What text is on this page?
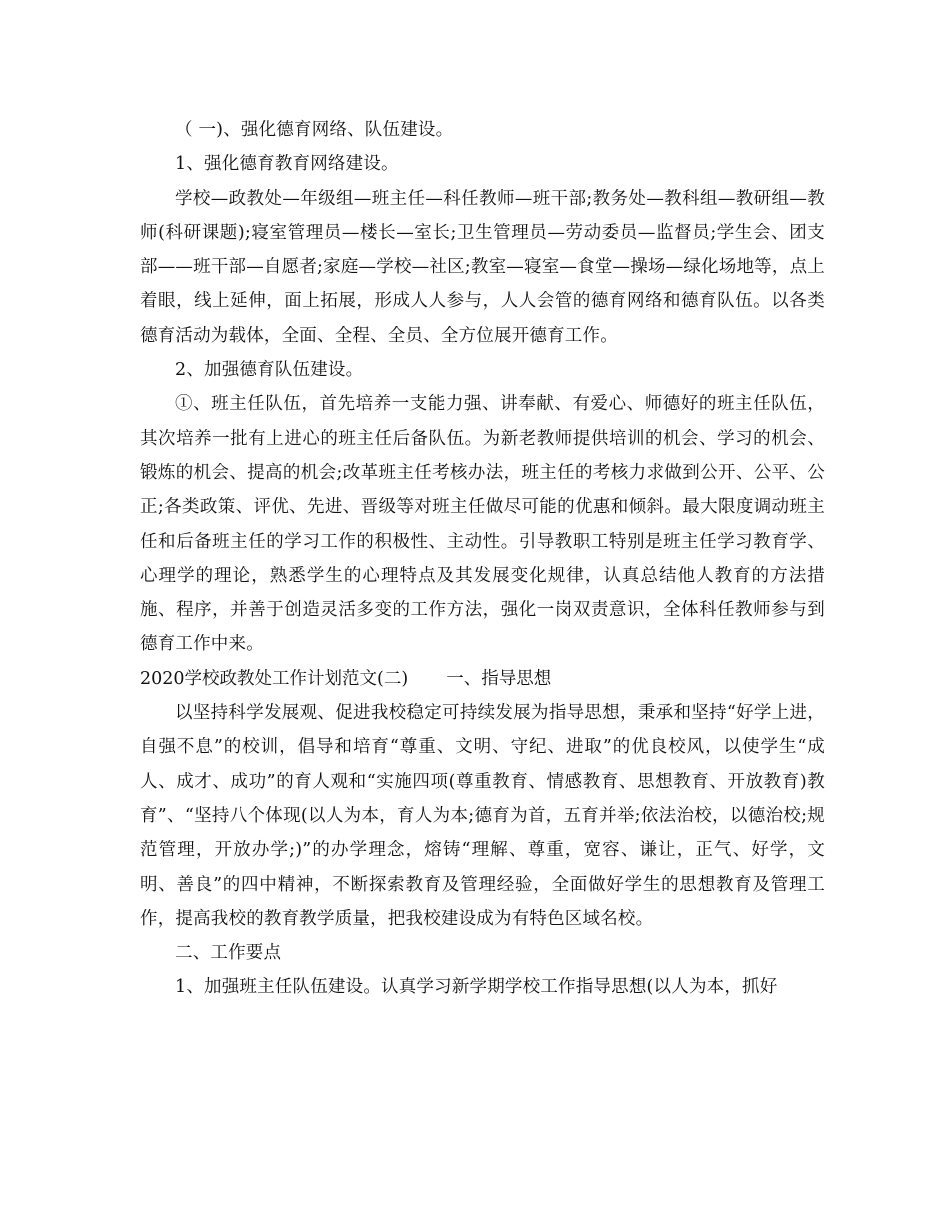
（ 一)、强化德育网络、队伍建设。

1、强化德育教育网络建设。

学校—政教处—年级组—班主任—科任教师—班干部;教务处—教科组—教研组—教师(科研课题);寝室管理员—楼长—室长;卫生管理员—劳动委员—监督员;学生会、团支部——班干部—自愿者;家庭—学校—社区;教室—寝室—食堂—操场—绿化场地等，点上着眼，线上延伸，面上拓展，形成人人参与，人人会管的德育网络和德育队伍。以各类德育活动为载体，全面、全程、全员、全方位展开德育工作。

2、加强德育队伍建设。

①、班主任队伍，首先培养一支能力强、讲奉献、有爱心、师德好的班主任队伍，其次培养一批有上进心的班主任后备队伍。为新老教师提供培训的机会、学习的机会、锻炼的机会、提高的机会;改革班主任考核办法，班主任的考核力求做到公开、公平、公正;各类政策、评优、先进、晋级等对班主任做尽可能的优惠和倾斜。最大限度调动班主任和后备班主任的学习工作的积极性、主动性。引导教职工特别是班主任学习教育学、心理学的理论，熟悉学生的心理特点及其发展变化规律，认真总结他人教育的方法措施、程序，并善于创造灵活多变的工作方法，强化一岗双责意识，全体科任教师参与到德育工作中来。

2020学校政教处工作计划范文(二) 一、指导思想

以坚持科学发展观、促进我校稳定可持续发展为指导思想，秉承和坚持“好学上进，自强不息”的校训，倡导和培育“尊重、文明、守纪、进取”的优良校风，以使学生“成人、成才、成功”的育人观和“实施四项(尊重教育、情感教育、思想教育、开放教育)教育”、“坚持八个体现(以人为本，育人为本;德育为首，五育并举;依法治校，以德治校;规范管理，开放办学;)”的办学理念，熔铸“理解、尊重，宽容、谦让，正气、好学，文明、善良”的四中精神，不断探索教育及管理经验，全面做好学生的思想教育及管理工作，提高我校的教育教学质量，把我校建设成为有特色区域名校。

二、工作要点

1、加强班主任队伍建设。认真学习新学期学校工作指导思想(以人为本，抓好
